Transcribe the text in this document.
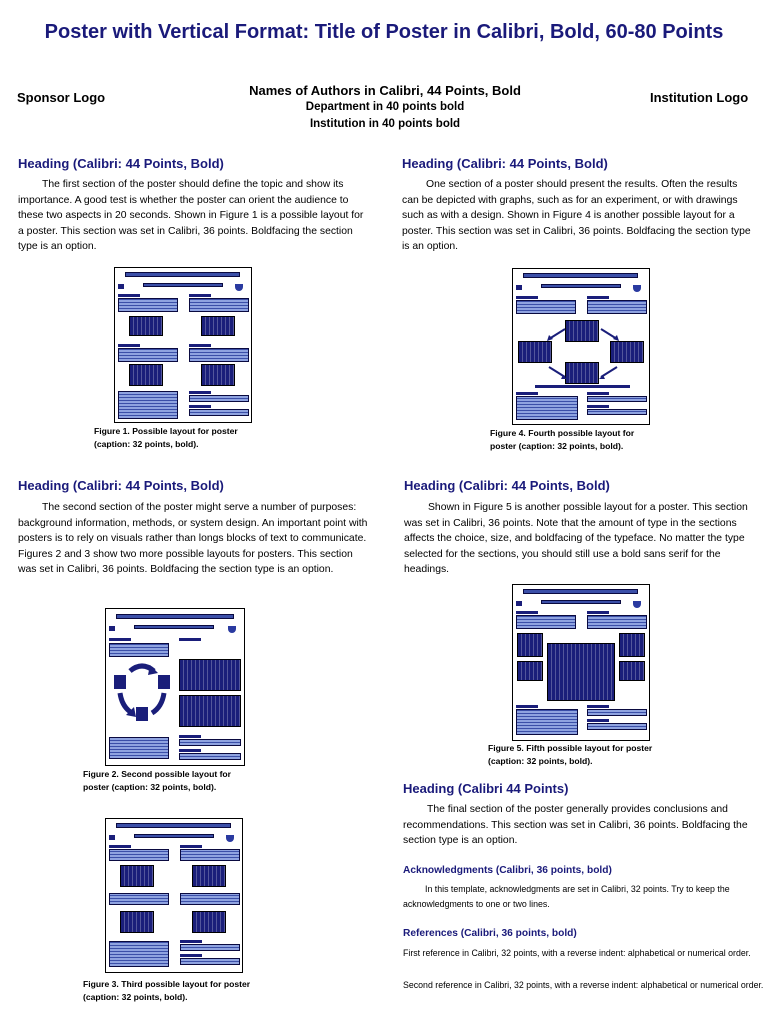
Poster with Vertical Format: Title of Poster in Calibri, Bold, 60-80 Points
Sponsor Logo	Institution Logo
Names of Authors in Calibri, 44 Points, Bold
Department in 40 points bold
Institution in 40 points bold
Heading (Calibri: 44 Points, Bold)

The first section of the poster should define the topic and show its importance. A good test is whether the poster can orient the audience to these two aspects in 20 seconds. Shown in Figure 1 is a possible layout for a poster. This section was set in Calibri, 36 points. Boldfacing the section type is an option.

Figure 1. Possible layout for poster
(caption: 32 points, bold).
Heading (Calibri: 44 Points, Bold)

The second section of the poster might serve a number of purposes: background information, methods, or system design. An important point with posters is to rely on visuals rather than longs blocks of text to communicate. Figures 2 and 3 show two more possible layouts for posters. This section was set in Calibri, 36 points. Boldfacing the section type is an option.

Figure 2. Second possible layout for
poster (caption: 32 points, bold).
Figure 3. Third possible layout for poster
(caption: 32 points, bold).
Heading (Calibri: 44 Points, Bold)

One section of a poster should present the results. Often the results can be depicted with graphs, such as for an experiment, or with drawings such as with a design. Shown in Figure 4 is another possible layout for a poster. This section was set in Calibri, 36 points. Boldfacing the section type is an option.

Figure 4. Fourth possible layout for
poster (caption: 32 points, bold).
Heading (Calibri: 44 Points, Bold)

Shown in Figure 5 is another possible layout for a poster. This section was set in Calibri, 36 points. Note that the amount of type in the sections affects the choice, size, and boldfacing of the typeface. No matter the type selected for the sections, you should still use a bold sans serif for the headings.

Figure 5. Fifth possible layout for poster
(caption: 32 points, bold).
Heading (Calibri 44 Points)

The final section of the poster generally provides conclusions and recommendations. This section was set in Calibri, 36 points. Boldfacing the section type is an option.

Acknowledgments (Calibri, 36 points, bold)

In this template, acknowledgments are set in Calibri, 32 points. Try to keep the acknowledgments to one or two lines.

References (Calibri, 36 points, bold)

First reference in Calibri, 32 points, with a reverse indent: alphabetical or numerical order.

Second reference in Calibri, 32 points, with a reverse indent: alphabetical or numerical order.
